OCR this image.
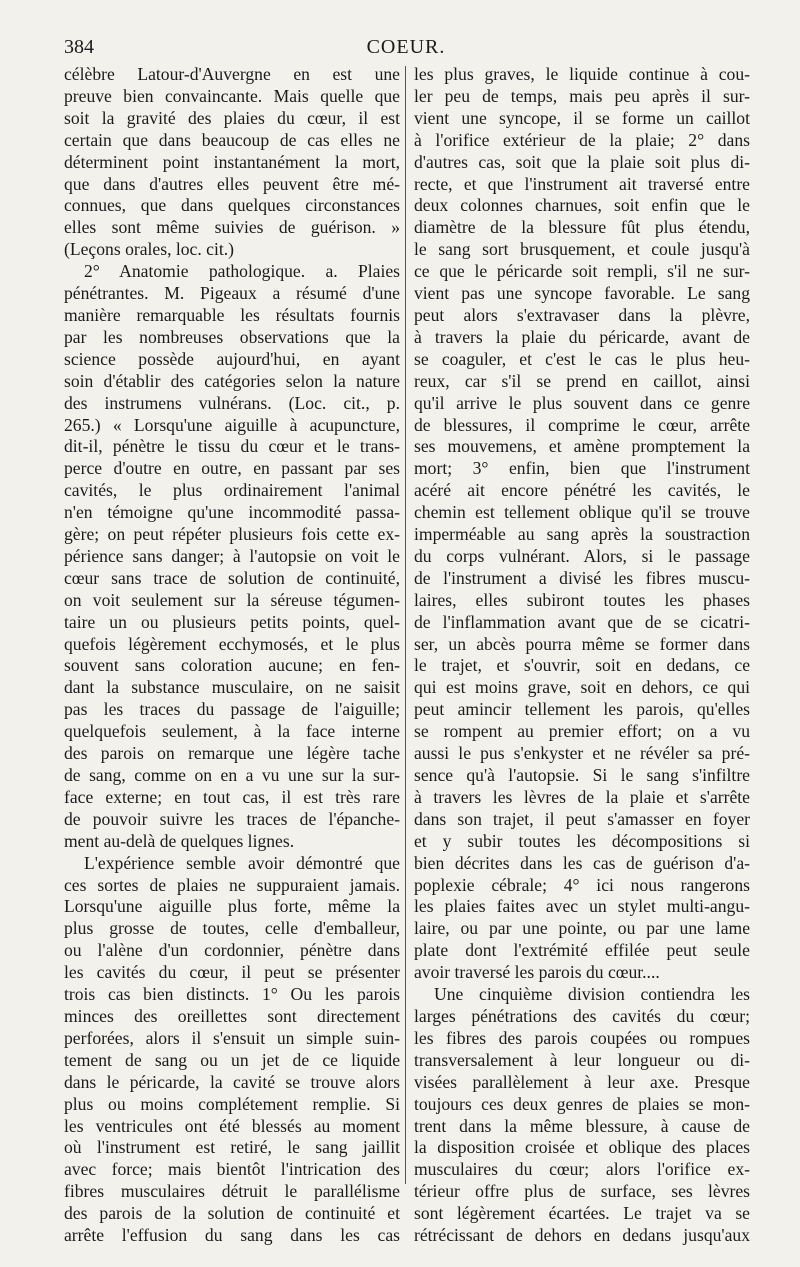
384	COEUR.
célèbre Latour-d'Auvergne en est une
preuve bien convaincante. Mais quelle que
soit la gravité des plaies du cœur, il est
certain que dans beaucoup de cas elles ne
déterminent point instantanément la mort,
que dans d'autres elles peuvent être mé-
connues, que dans quelques circonstances
elles sont même suivies de guérison. »
(Leçons orales, loc. cit.)
2° Anatomie pathologique. a. Plaies
pénétrantes. M. Pigeaux a résumé d'une
manière remarquable les résultats fournis
par les nombreuses observations que la
science possède aujourd'hui, en ayant
soin d'établir des catégories selon la nature
des instrumens vulnérans. (Loc. cit., p.
265.) « Lorsqu'une aiguille à acupuncture,
dit-il, pénètre le tissu du cœur et le trans-
perce d'outre en outre, en passant par ses
cavités, le plus ordinairement l'animal
n'en témoigne qu'une incommodité passa-
gère; on peut répéter plusieurs fois cette ex-
périence sans danger; à l'autopsie on voit le
cœur sans trace de solution de continuité,
on voit seulement sur la séreuse tégumen-
taire un ou plusieurs petits points, quel-
quefois légèrement ecchymosés, et le plus
souvent sans coloration aucune; en fen-
dant la substance musculaire, on ne saisit
pas les traces du passage de l'aiguille;
quelquefois seulement, à la face interne
des parois on remarque une légère tache
de sang, comme on en a vu une sur la sur-
face externe; en tout cas, il est très rare
de pouvoir suivre les traces de l'épanche-
ment au-delà de quelques lignes.
L'expérience semble avoir démontré que
ces sortes de plaies ne suppuraient jamais.
Lorsqu'une aiguille plus forte, même la
plus grosse de toutes, celle d'emballeur,
ou l'alène d'un cordonnier, pénètre dans
les cavités du cœur, il peut se présenter
trois cas bien distincts. 1° Ou les parois
minces des oreillettes sont directement
perforées, alors il s'ensuit un simple suin-
tement de sang ou un jet de ce liquide
dans le péricarde, la cavité se trouve alors
plus ou moins complétement remplie. Si
les ventricules ont été blessés au moment
où l'instrument est retiré, le sang jaillit
avec force; mais bientôt l'intrication des
fibres musculaires détruit le parallélisme
des parois de la solution de continuité et
arrête l'effusion du sang dans les cas
les plus graves, le liquide continue à cou-
ler peu de temps, mais peu après il sur-
vient une syncope, il se forme un caillot
à l'orifice extérieur de la plaie; 2° dans
d'autres cas, soit que la plaie soit plus di-
recte, et que l'instrument ait traversé entre
deux colonnes charnues, soit enfin que le
diamètre de la blessure fût plus étendu,
le sang sort brusquement, et coule jusqu'à
ce que le péricarde soit rempli, s'il ne sur-
vient pas une syncope favorable. Le sang
peut alors s'extravaser dans la plèvre,
à travers la plaie du péricarde, avant de
se coaguler, et c'est le cas le plus heu-
reux, car s'il se prend en caillot, ainsi
qu'il arrive le plus souvent dans ce genre
de blessures, il comprime le cœur, arrête
ses mouvemens, et amène promptement la
mort; 3° enfin, bien que l'instrument
acéré ait encore pénétré les cavités, le
chemin est tellement oblique qu'il se trouve
imperméable au sang après la soustraction
du corps vulnérant. Alors, si le passage
de l'instrument a divisé les fibres muscu-
laires, elles subiront toutes les phases
de l'inflammation avant que de se cicatri-
ser, un abcès pourra même se former dans
le trajet, et s'ouvrir, soit en dedans, ce
qui est moins grave, soit en dehors, ce qui
peut amincir tellement les parois, qu'elles
se rompent au premier effort; on a vu
aussi le pus s'enkyster et ne révéler sa pré-
sence qu'à l'autopsie. Si le sang s'infiltre
à travers les lèvres de la plaie et s'arrête
dans son trajet, il peut s'amasser en foyer
et y subir toutes les décompositions si
bien décrites dans les cas de guérison d'a-
poplexie cébrale; 4° ici nous rangerons
les plaies faites avec un stylet multi-angu-
laire, ou par une pointe, ou par une lame
plate dont l'extrémité effilée peut seule
avoir traversé les parois du cœur....
Une cinquième division contiendra les
larges pénétrations des cavités du cœur;
les fibres des parois coupées ou rompues
transversalement à leur longueur ou di-
visées parallèlement à leur axe. Presque
toujours ces deux genres de plaies se mon-
trent dans la même blessure, à cause de
la disposition croisée et oblique des places
musculaires du cœur; alors l'orifice ex-
térieur offre plus de surface, ses lèvres
sont légèrement écartées. Le trajet va se
rétrécissant de dehors en dedans jusqu'aux
